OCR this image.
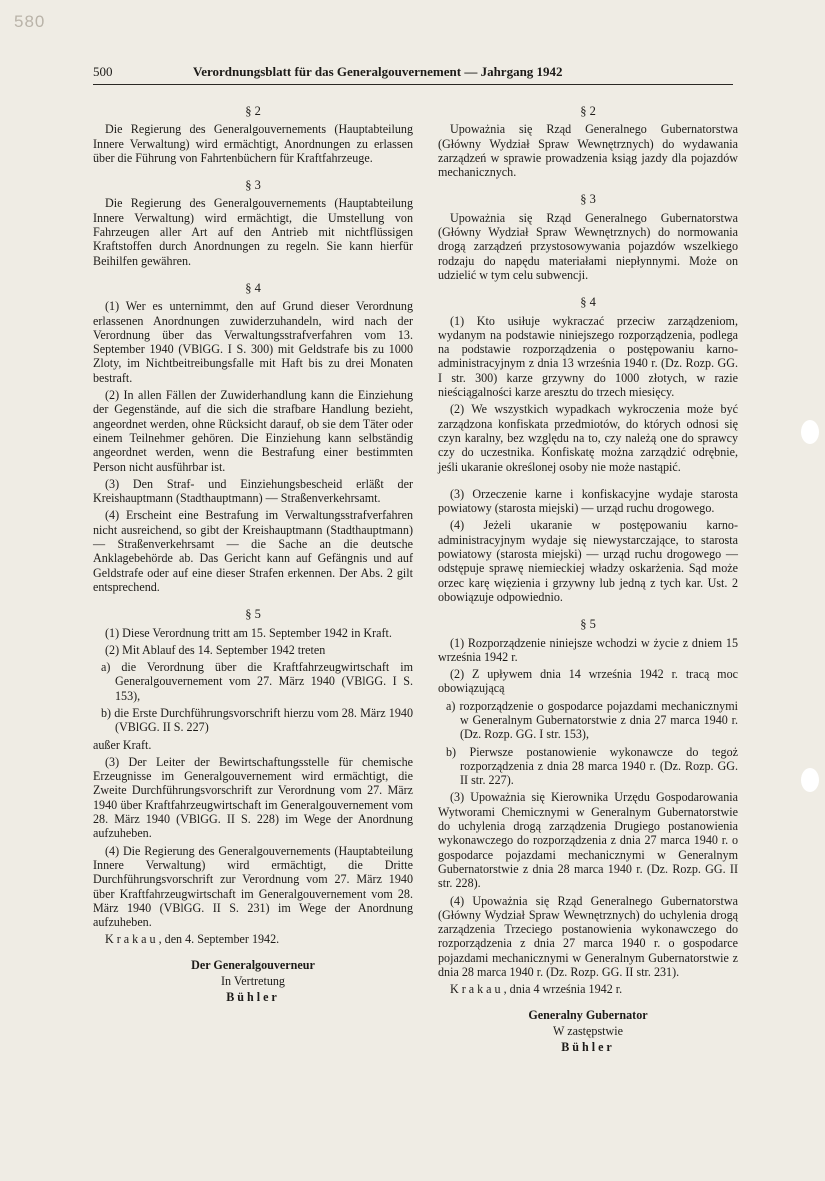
580
500	Verordnungsblatt für das Generalgouvernement — Jahrgang 1942
§ 2

Die Regierung des Generalgouvernements (Hauptabteilung Innere Verwaltung) wird ermächtigt, Anordnungen zu erlassen über die Führung von Fahrtenbüchern für Kraftfahrzeuge.

§ 3

Die Regierung des Generalgouvernements (Hauptabteilung Innere Verwaltung) wird ermächtigt, die Umstellung von Fahrzeugen aller Art auf den Antrieb mit nichtflüssigen Kraftstoffen durch Anordnungen zu regeln. Sie kann hierfür Beihilfen gewähren.

§ 4

(1) Wer es unternimmt, den auf Grund dieser Verordnung erlassenen Anordnungen zuwiderzuhandeln, wird nach der Verordnung über das Verwaltungsstrafverfahren vom 13. September 1940 (VBlGG. I S. 300) mit Geldstrafe bis zu 1000 Zloty, im Nichtbeitreibungsfalle mit Haft bis zu drei Monaten bestraft.

(2) In allen Fällen der Zuwiderhandlung kann die Einziehung der Gegenstände, auf die sich die strafbare Handlung bezieht, angeordnet werden, ohne Rücksicht darauf, ob sie dem Täter oder einem Teilnehmer gehören. Die Einziehung kann selbständig angeordnet werden, wenn die Bestrafung einer bestimmten Person nicht ausführbar ist.

(3) Den Straf- und Einziehungsbescheid erläßt der Kreishauptmann (Stadthauptmann) — Straßenverkehrsamt.

(4) Erscheint eine Bestrafung im Verwaltungsstrafverfahren nicht ausreichend, so gibt der Kreishauptmann (Stadthauptmann) — Straßenverkehrsamt — die Sache an die deutsche Anklagebehörde ab. Das Gericht kann auf Gefängnis und auf Geldstrafe oder auf eine dieser Strafen erkennen. Der Abs. 2 gilt entsprechend.

§ 5

(1) Diese Verordnung tritt am 15. September 1942 in Kraft.

(2) Mit Ablauf des 14. September 1942 treten

a) die Verordnung über die Kraftfahrzeugwirtschaft im Generalgouvernement vom 27. März 1940 (VBlGG. I S. 153),
b) die Erste Durchführungsvorschrift hierzu vom 28. März 1940 (VBlGG. II S. 227)

außer Kraft.

(3) Der Leiter der Bewirtschaftungsstelle für chemische Erzeugnisse im Generalgouvernement wird ermächtigt, die Zweite Durchführungsvorschrift zur Verordnung vom 27. März 1940 über Kraftfahrzeugwirtschaft im Generalgouvernement vom 28. März 1940 (VBlGG. II S. 228) im Wege der Anordnung aufzuheben.

(4) Die Regierung des Generalgouvernements (Hauptabteilung Innere Verwaltung) wird ermächtigt, die Dritte Durchführungsvorschrift zur Verordnung vom 27. März 1940 über Kraftfahrzeugwirtschaft im Generalgouvernement vom 28. März 1940 (VBlGG. II S. 231) im Wege der Anordnung aufzuheben.

Krakau, den 4. September 1942.

Der Generalgouverneur
In Vertretung
Bühler
§ 2

Upoważnia się Rząd Generalnego Gubernatorstwa (Główny Wydział Spraw Wewnętrznych) do wydawania zarządzeń w sprawie prowadzenia ksiąg jazdy dla pojazdów mechanicznych.

§ 3

Upoważnia się Rząd Generalnego Gubernatorstwa (Główny Wydział Spraw Wewnętrznych) do normowania drogą zarządzeń przystosowywania pojazdów wszelkiego rodzaju do napędu materiałami niepłynnymi. Może on udzielić w tym celu subwencji.

§ 4

(1) Kto usiłuje wykraczać przeciw zarządzeniom, wydanym na podstawie niniejszego rozporządzenia, podlega na podstawie rozporządzenia o postępowaniu karno-administracyjnym z dnia 13 września 1940 r. (Dz. Rozp. GG. I str. 300) karze grzywny do 1000 złotych, w razie nieściągalności karze aresztu do trzech miesięcy.

(2) We wszystkich wypadkach wykroczenia może być zarządzona konfiskata przedmiotów, do których odnosi się czyn karalny, bez względu na to, czy należą one do sprawcy czy do uczestnika. Konfiskatę można zarządzić odrębnie, jeśli ukaranie określonej osoby nie może nastąpić.

(3) Orzeczenie karne i konfiskacyjne wydaje starosta powiatowy (starosta miejski) — urząd ruchu drogowego.

(4) Jeżeli ukaranie w postępowaniu karno-administracyjnym wydaje się niewystarczające, to starosta powiatowy (starosta miejski) — urząd ruchu drogowego — odstępuje sprawę niemieckiej władzy oskarżenia. Sąd może orzec karę więzienia i grzywny lub jedną z tych kar. Ust. 2 obowiązuje odpowiednio.

§ 5

(1) Rozporządzenie niniejsze wchodzi w życie z dniem 15 września 1942 r.

(2) Z upływem dnia 14 września 1942 r. tracą moc obowiązującą

a) rozporządzenie o gospodarce pojazdami mechanicznymi w Generalnym Gubernatorstwie z dnia 27 marca 1940 r. (Dz. Rozp. GG. I str. 153),
b) Pierwsze postanowienie wykonawcze do tegoż rozporządzenia z dnia 28 marca 1940 r. (Dz. Rozp. GG. II str. 227).

(3) Upoważnia się Kierownika Urzędu Gospodarowania Wytworami Chemicznymi w Generalnym Gubernatorstwie do uchylenia drogą zarządzenia Drugiego postanowienia wykonawczego do rozporządzenia z dnia 27 marca 1940 r. o gospodarce pojazdami mechanicznymi w Generalnym Gubernatorstwie z dnia 28 marca 1940 r. (Dz. Rozp. GG. II str. 228).

(4) Upoważnia się Rząd Generalnego Gubernatorstwa (Główny Wydział Spraw Wewnętrznych) do uchylenia drogą zarządzenia Trzeciego postanowienia wykonawczego do rozporządzenia z dnia 27 marca 1940 r. o gospodarce pojazdami mechanicznymi w Generalnym Gubernatorstwie z dnia 28 marca 1940 r. (Dz. Rozp. GG. II str. 231).

Krakau, dnia 4 września 1942 r.

Generalny Gubernator
W zastępstwie
Bühler
